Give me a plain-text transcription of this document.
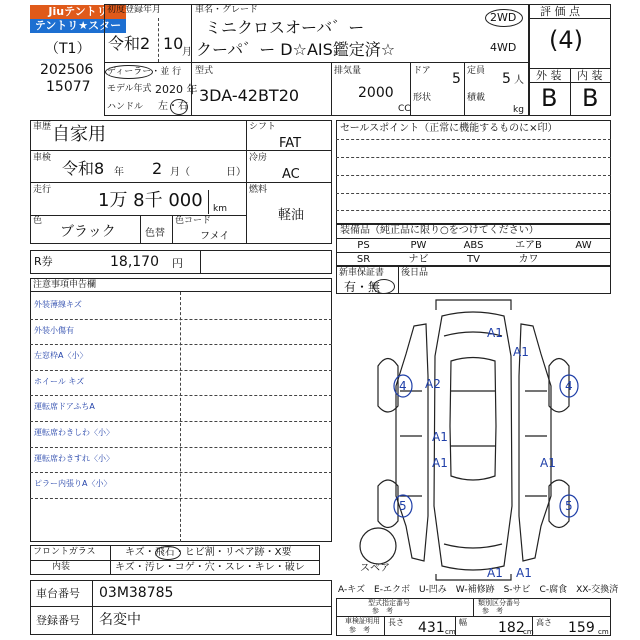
Jiuテントリ
テントリ★スター
（T1）
202506
15077
初度登録年月
令和2 10
月
ディーラー・並 行
モデル年式 2020 年
ハンドル 左・右
車名・グレード
ミニクロスオーバ゛ー
クーパ゛ー D☆AIS鑑定済☆
2WD
4WD
型式
3DA-42BT20
排気量
2000
CC
ドア 5
形状
定員 5 人
積載
kg
評 価 点
(4)
外 装 内 装
B B
車歴 自家用
車検
令和8 年 2 月（	日）
走行	1万 8千 000 km
色
ブラック	色替
色コード
フメイ
シフト
FAT
冷房
AC
燃料
軽油
R券	18,170 円
注意事項申告欄
外装薄線キズ
外装小傷有
左窓枠A〈小〉
ホイール キズ
運転席ドアふちA
運転席わきしわ〈小〉
運転席わきすれ〈小〉
ピラー内張りA〈小〉
セールスポイント（正常に機能するものに×印）
装備品（純正品に限り○をつけてください）
PS	PW	ABS	エアB	AW
SR	ナビ	TV	カワ
新車保証書
有・無
後日品
A1
A1
4 A2	4
A1
A1	A1
5	5
A1 A1
スペア
フロントガラス	キズ・飛石・ヒビ割・リペア跡・X要
内装	キズ・汚レ・コゲ・穴・スレ・キレ・破レ
車台番号 03M38785
登録番号 名変中
A-キズ　E-エクボ　U-凹み　W-補修跡　S-サビ　C-腐食　XX-交換済
型式指定番号
参　考
類別区分番号
参　考
車検証明用
参　考
長さ 431 cm
幅 182
cm
高さ 159 cm
